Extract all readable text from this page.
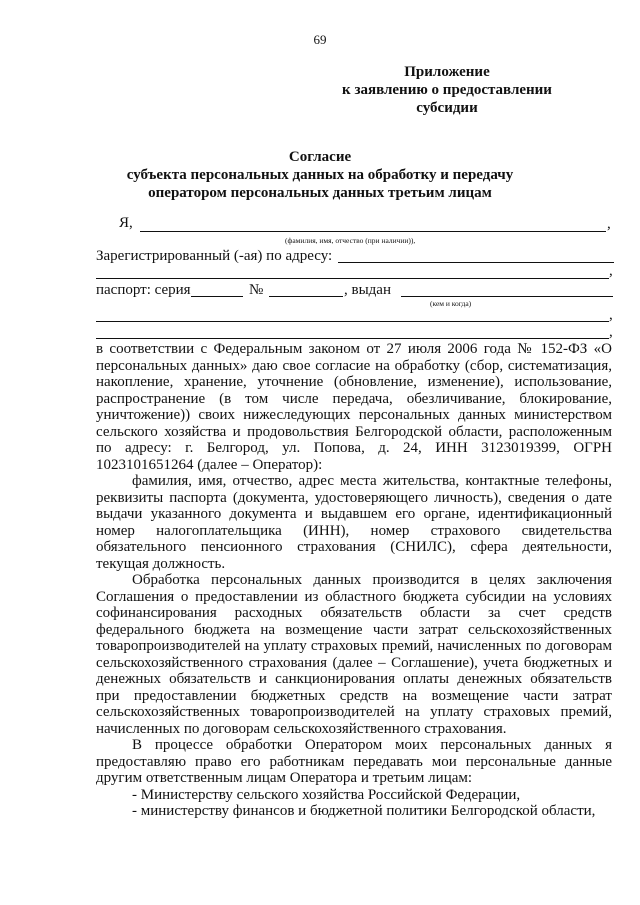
69
Приложение
к заявлению о предоставлении
субсидии
Согласие
субъекта персональных данных на обработку и передачу
оператором персональных данных третьим лицам
Я,	,
(фамилия, имя, отчество (при наличии)),
Зарегистрированный (-ая) по адресу:
,
паспорт: серия	№	, выдан
(кем и когда)
,
,

в соответствии с Федеральным законом от 27 июля 2006 года № 152-ФЗ «О персональных данных» даю свое согласие на обработку (сбор, систематизация, накопление, хранение, уточнение (обновление, изменение), использование, распространение (в том числе передача, обезличивание, блокирование, уничтожение)) своих нижеследующих персональных данных министерством сельского хозяйства и продовольствия Белгородской области, расположенным по адресу: г. Белгород, ул. Попова, д. 24, ИНН 3123019399, ОГРН 1023101651264 (далее – Оператор):

фамилия, имя, отчество, адрес места жительства, контактные телефоны, реквизиты паспорта (документа, удостоверяющего личность), сведения о дате выдачи указанного документа и выдавшем его органе, идентификационный номер налогоплательщика (ИНН), номер страхового свидетельства обязательного пенсионного страхования (СНИЛС), сфера деятельности, текущая должность.

Обработка персональных данных производится в целях заключения Соглашения о предоставлении из областного бюджета субсидии на условиях софинансирования расходных обязательств области за счет средств федерального бюджета на возмещение части затрат сельскохозяйственных товаропроизводителей на уплату страховых премий, начисленных по договорам сельскохозяйственного страхования (далее – Соглашение), учета бюджетных и денежных обязательств и санкционирования оплаты денежных обязательств при предоставлении бюджетных средств на возмещение части затрат сельскохозяйственных товаропроизводителей на уплату страховых премий, начисленных по договорам сельскохозяйственного страхования.

В процессе обработки Оператором моих персональных данных я предоставляю право его работникам передавать мои персональные данные другим ответственным лицам Оператора и третьим лицам:

- Министерству сельского хозяйства Российской Федерации,

- министерству финансов и бюджетной политики Белгородской области,
